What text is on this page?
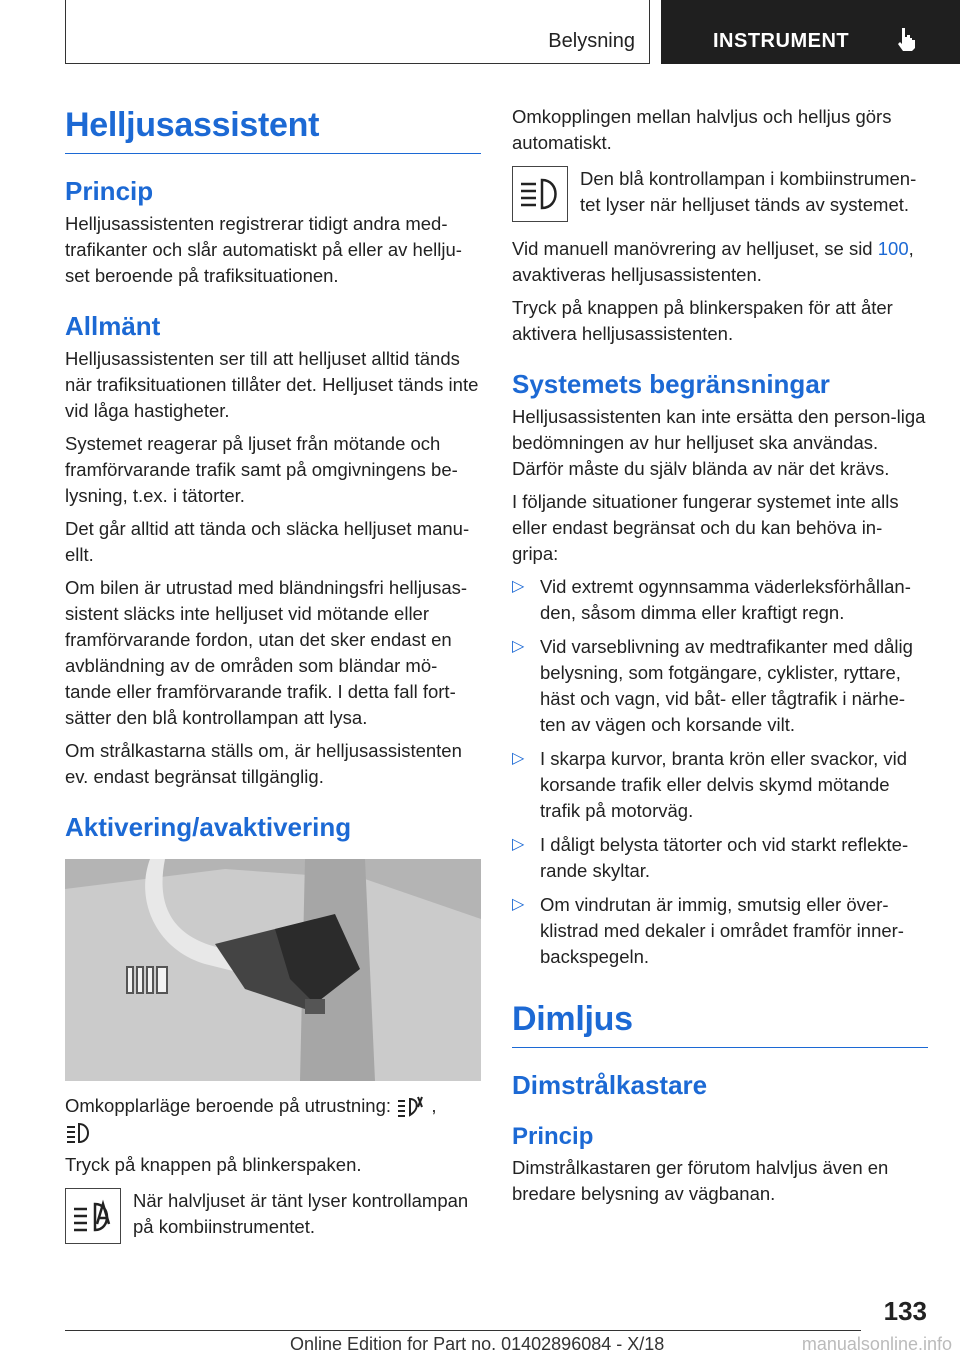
Belysning	INSTRUMENT
Helljusassistent
Princip

Helljusassistenten registrerar tidigt andra med-trafikanter och slår automatiskt på eller av hellju-set beroende på trafiksituationen.

Allmänt

Helljusassistenten ser till att helljuset alltid tänds när trafiksituationen tillåter det. Helljuset tänds inte vid låga hastigheter.

Systemet reagerar på ljuset från mötande och framförvarande trafik samt på omgivningens be-lysning, t.ex. i tätorter.

Det går alltid att tända och släcka helljuset manu-ellt.

Om bilen är utrustad med bländningsfri helljusas-sistent släcks inte helljuset vid mötande eller framförvarande fordon, utan det sker endast en avbländning av de områden som bländar mö-tande eller framförvarande trafik. I detta fall fort-sätter den blå kontrollampan att lysa.

Om strålkastarna ställs om, är helljusassistenten ev. endast begränsat tillgänglig.

Aktivering/avaktivering

Omkopplarläge beroende på utrustning: ,

Tryck på knappen på blinkerspaken.

När halvljuset är tänt lyser kontrollampan på kombiinstrumentet.

Omkopplingen mellan halvljus och helljus görs automatiskt.

Den blå kontrollampan i kombiinstrumen-tet lyser när helljuset tänds av systemet.

Vid manuell manövrering av helljuset, se sid 100, avaktiveras helljusassistenten.

Tryck på knappen på blinkerspaken för att åter aktivera helljusassistenten.

Systemets begränsningar

Helljusassistenten kan inte ersätta den person-liga bedömningen av hur helljuset ska användas. Därför måste du själv blända av när det krävs.

I följande situationer fungerar systemet inte alls eller endast begränsat och du kan behöva in-gripa:

▷ Vid extremt ogynnsamma väderleksförhållan-den, såsom dimma eller kraftigt regn.
▷ Vid varseblivning av medtrafikanter med dålig belysning, som fotgängare, cyklister, ryttare, häst och vagn, vid båt- eller tågtrafik i närhe-ten av vägen och korsande vilt.
▷ I skarpa kurvor, branta krön eller svackor, vid korsande trafik eller delvis skymd mötande trafik på motorväg.
▷ I dåligt belysta tätorter och vid starkt reflekte-rande skyltar.
▷ Om vindrutan är immig, smutsig eller över-klistrad med dekaler i området framför inner-backspegeln.
Dimljus
Dimstrålkastare
Princip

Dimstrålkastaren ger förutom halvljus även en bredare belysning av vägbanan.

133
Online Edition for Part no. 01402896084 - X/18	manualsonline.info
